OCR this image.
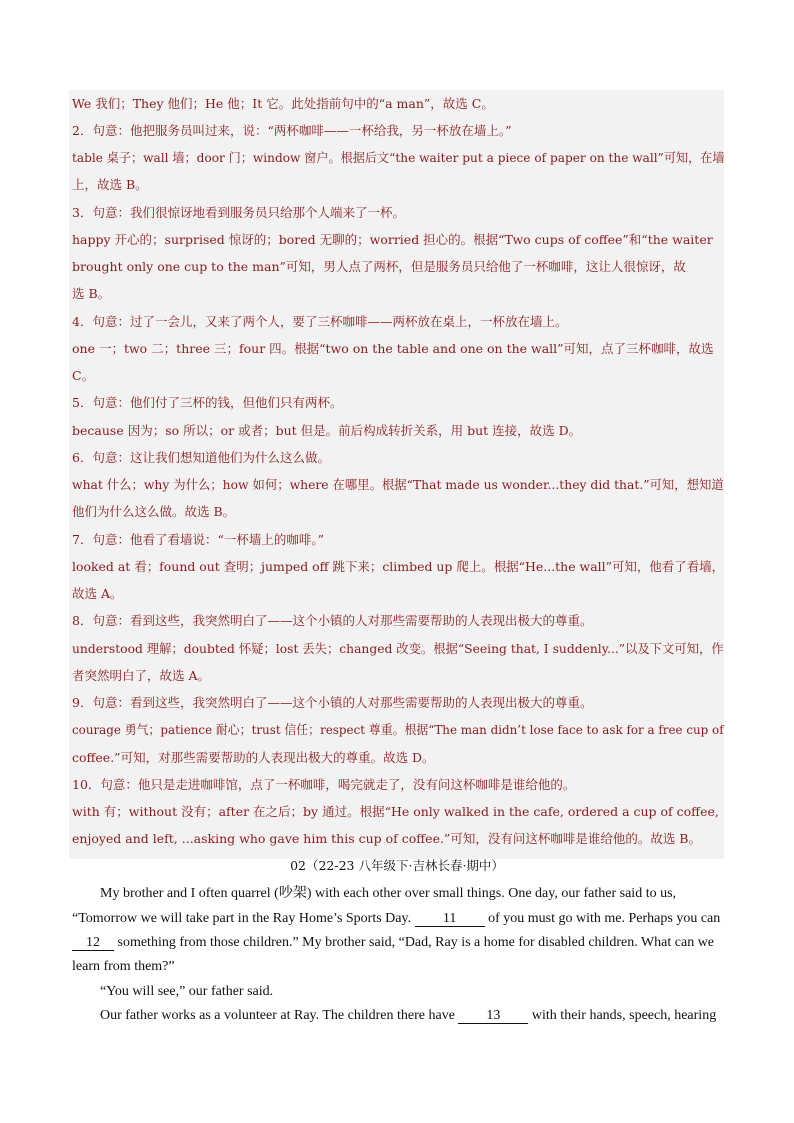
We 我们；They 他们；He 他；It 它。此处指前句中的“a man”，故选 C。
2．句意：他把服务员叫过来，说：“两杯咖啡——一杯给我，另一杯放在墙上。”
table 桌子；wall 墙；door 门；window 窗户。根据后文“the waiter put a piece of paper on the wall”可知，在墙
上，故选 B。
3．句意：我们很惊讶地看到服务员只给那个人端来了一杯。
happy 开心的；surprised 惊讶的；bored 无聊的；worried 担心的。根据“Two cups of coffee”和“the waiter
brought only one cup to the man”可知，男人点了两杯，但是服务员只给他了一杯咖啡，这让人很惊讶，故
选 B。
4．句意：过了一会儿，又来了两个人，要了三杯咖啡——两杯放在桌上，一杯放在墙上。
one 一；two 二；three 三；four 四。根据“two on the table and one on the wall”可知，点了三杯咖啡，故选
C。
5．句意：他们付了三杯的钱，但他们只有两杯。
because 因为；so 所以；or 或者；but 但是。前后构成转折关系，用 but 连接，故选 D。
6．句意：这让我们想知道他们为什么这么做。
what 什么；why 为什么；how 如何；where 在哪里。根据“That made us wonder...they did that.”可知，想知道
他们为什么这么做。故选 B。
7．句意：他看了看墙说：“一杯墙上的咖啡。”
looked at 看；found out 查明；jumped off 跳下来；climbed up 爬上。根据“He...the wall”可知，他看了看墙，
故选 A。
8．句意：看到这些，我突然明白了——这个小镇的人对那些需要帮助的人表现出极大的尊重。
understood 理解；doubted 怀疑；lost 丢失；changed 改变。根据“Seeing that, I suddenly...”以及下文可知，作
者突然明白了，故选 A。
9．句意：看到这些，我突然明白了——这个小镇的人对那些需要帮助的人表现出极大的尊重。
courage 勇气；patience 耐心；trust 信任；respect 尊重。根据“The man didn’t lose face to ask for a free cup of
coffee.”可知，对那些需要帮助的人表现出极大的尊重。故选 D。
10．句意：他只是走进咖啡馆，点了一杯咖啡，喝完就走了，没有问这杯咖啡是谁给他的。
with 有；without 没有；after 在之后；by 通过。根据“He only walked in the cafe, ordered a cup of coffee,
enjoyed and left, ...asking who gave him this cup of coffee.”可知，没有问这杯咖啡是谁给他的。故选 B。
02（22-23 八年级下·吉林长春·期中）
My brother and I often quarrel (吵架) with each other over small things. One day, our father said to us,
“Tomorrow we will take part in the Ray Home’s Sports Day. 11 of you must go with me. Perhaps you can
12 something from those children.” My brother said, “Dad, Ray is a home for disabled children. What can we
learn from them?”
“You will see,” our father said.
Our father works as a volunteer at Ray. The children there have 13 with their hands, speech, hearing
